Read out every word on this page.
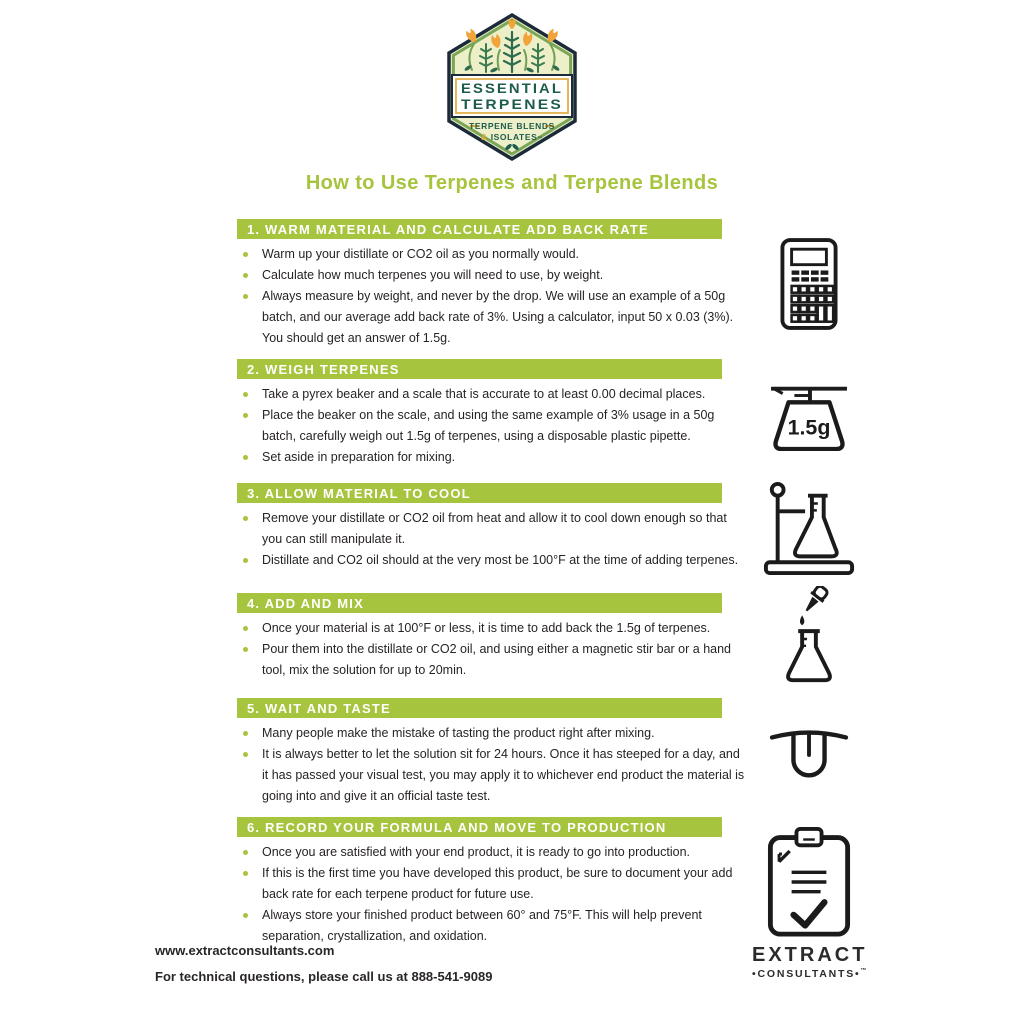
ESSENTIAL
TERPENES
TERPENE BLENDS
& ISOLATES™
How to Use Terpenes and Terpene Blends
1. WARM MATERIAL AND CALCULATE ADD BACK RATE
Warm up your distillate or CO2 oil as you normally would.
Calculate how much terpenes you will need to use, by weight.
Always measure by weight, and never by the drop. We will use an example of a 50g batch, and our average add back rate of 3%. Using a calculator, input 50 x 0.03 (3%). You should get an answer of 1.5g.
2. WEIGH TERPENES
Take a pyrex beaker and a scale that is accurate to at least 0.00 decimal places.
Place the beaker on the scale, and using the same example of 3% usage in a 50g batch, carefully weigh out 1.5g of terpenes, using a disposable plastic pipette.
Set aside in preparation for mixing.
1.5g
3. ALLOW MATERIAL TO COOL
Remove your distillate or CO2 oil from heat and allow it to cool down enough so that you can still manipulate it.
Distillate and CO2 oil should at the very most be 100°F at the time of adding terpenes.
4. ADD AND MIX
Once your material is at 100°F or less, it is time to add back the 1.5g of terpenes.
Pour them into the distillate or CO2 oil, and using either a magnetic stir bar or a hand tool, mix the solution for up to 20min.
5. WAIT AND TASTE
Many people make the mistake of tasting the product right after mixing.
It is always better to let the solution sit for 24 hours. Once it has steeped for a day, and it has passed your visual test, you may apply it to whichever end product the material is going into and give it an official taste test.
6. RECORD YOUR FORMULA AND MOVE TO PRODUCTION
Once you are satisfied with your end product, it is ready to go into production.
If this is the first time you have developed this product, be sure to document your add back rate for each terpene product for future use.
Always store your finished product between 60° and 75°F. This will help prevent separation, crystallization, and oxidation.
www.extractconsultants.com
For technical questions, please call us at 888-541-9089
EXTRACT
•CONSULTANTS•™
